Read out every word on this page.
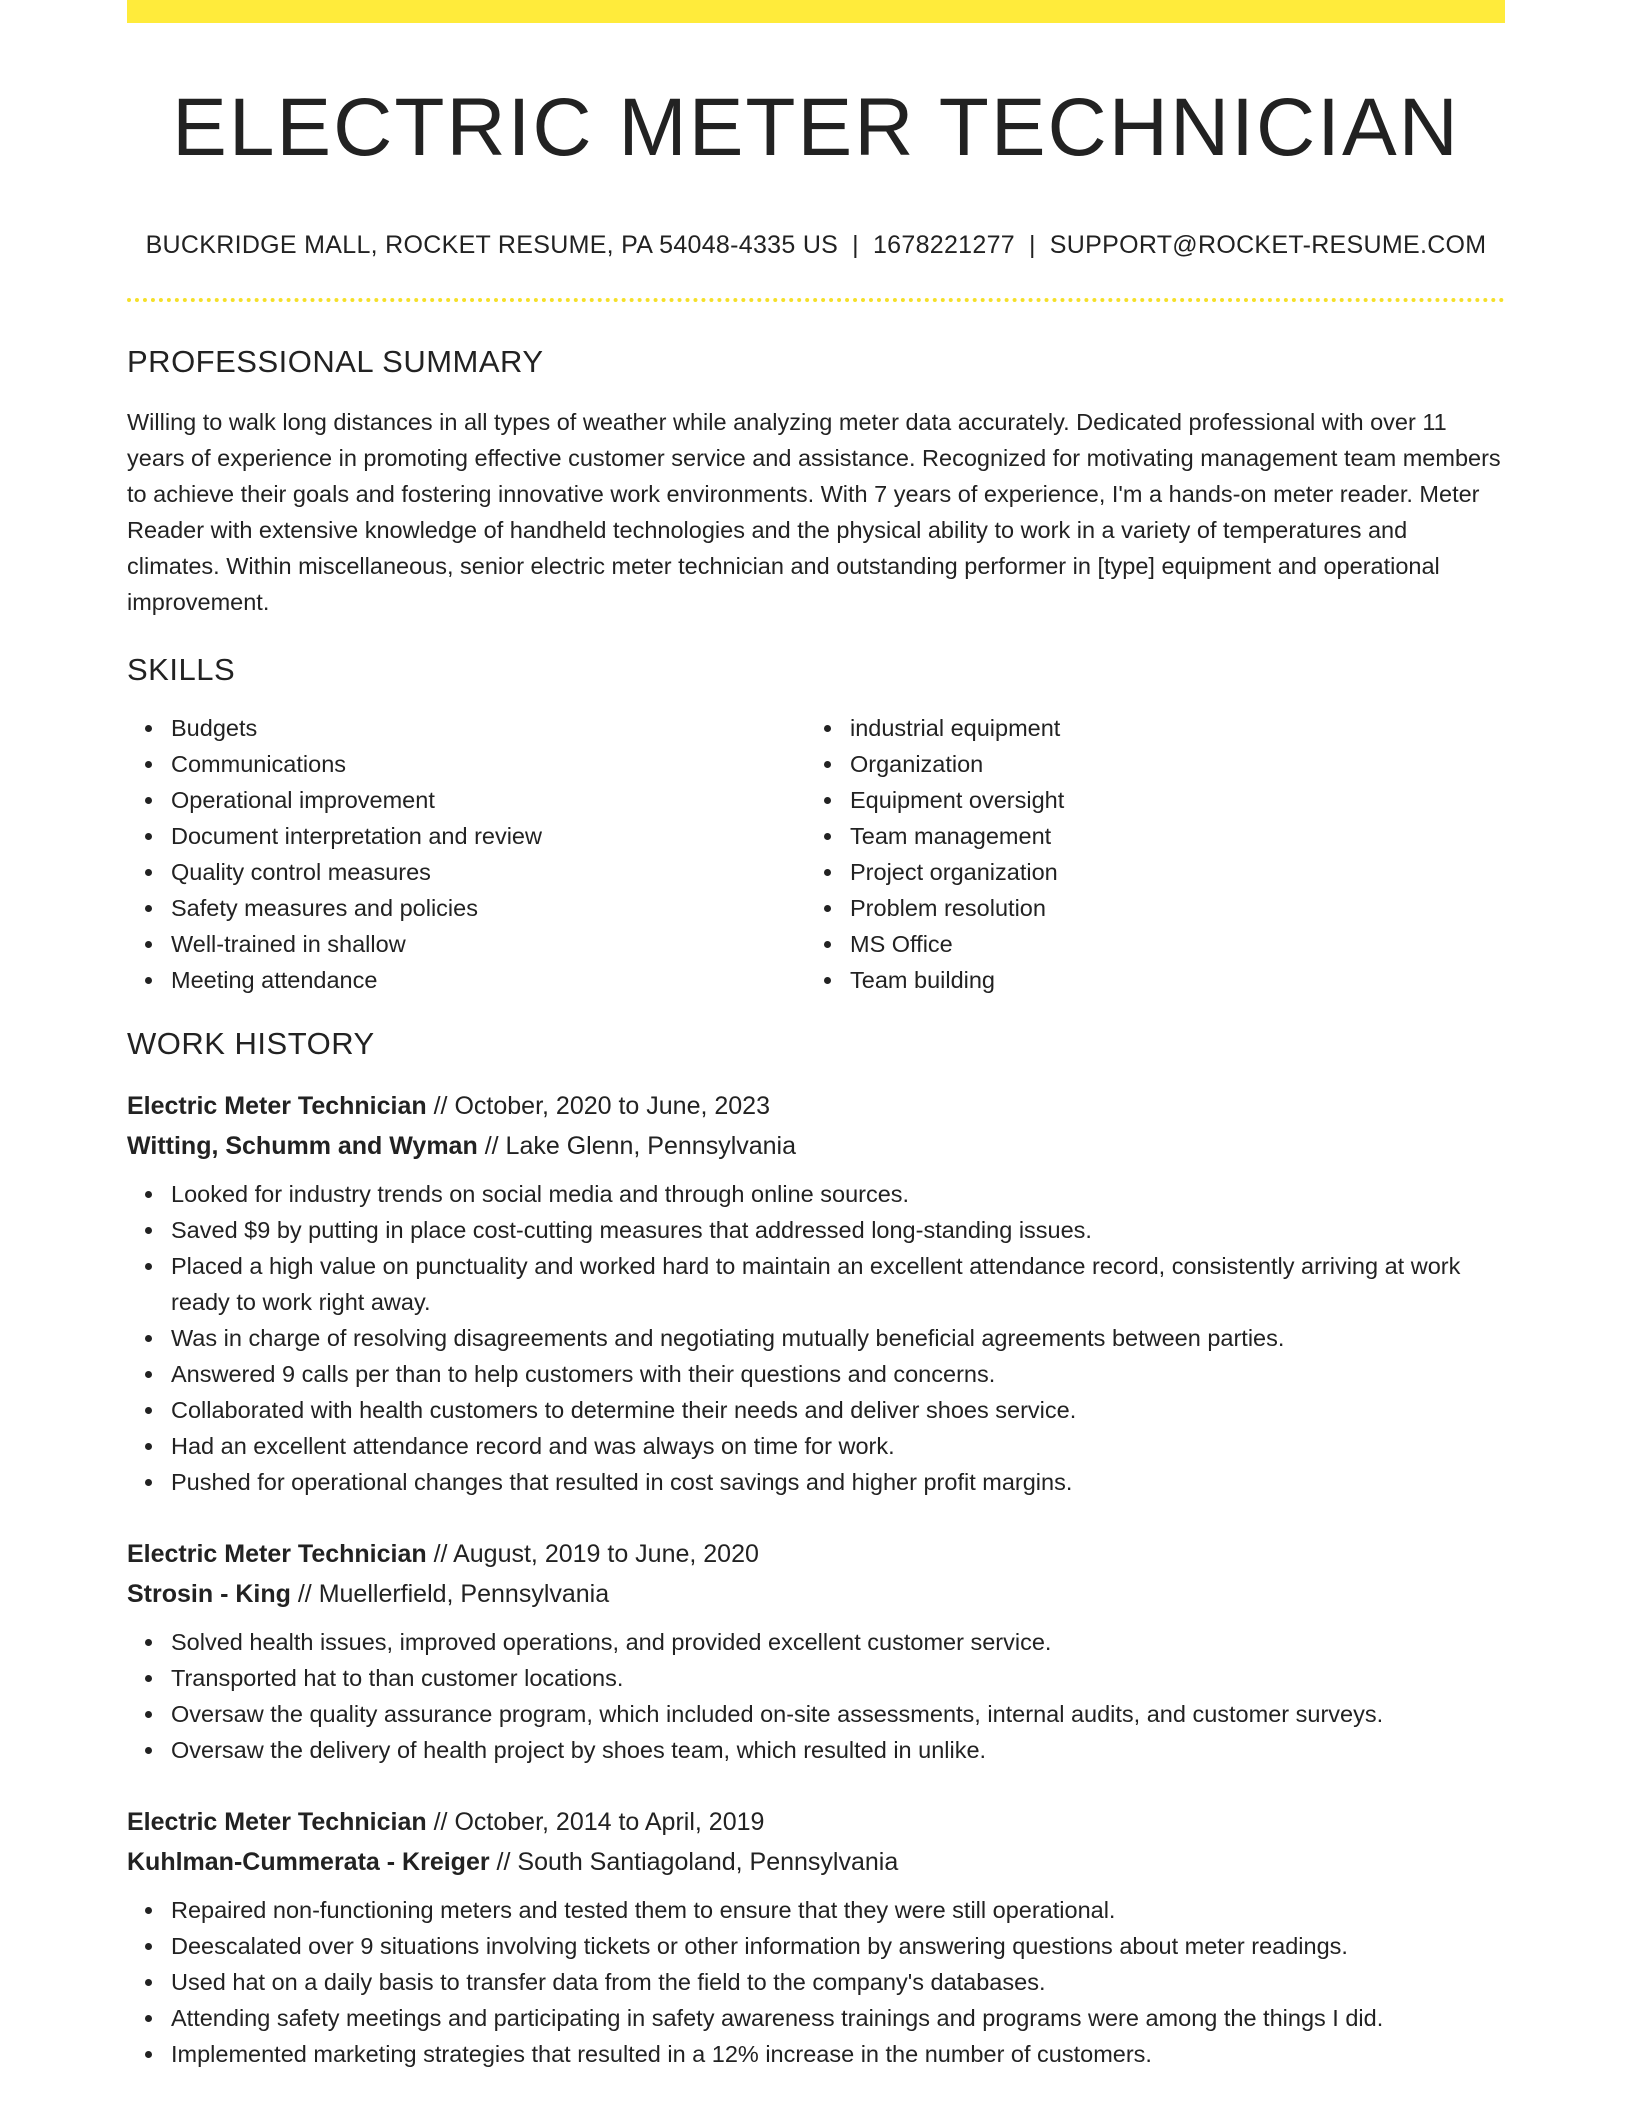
ELECTRIC METER TECHNICIAN
BUCKRIDGE MALL, ROCKET RESUME, PA 54048-4335 US | 1678221277 | SUPPORT@ROCKET-RESUME.COM
PROFESSIONAL SUMMARY

Willing to walk long distances in all types of weather while analyzing meter data accurately. Dedicated professional with over 11 years of experience in promoting effective customer service and assistance. Recognized for motivating management team members to achieve their goals and fostering innovative work environments. With 7 years of experience, I'm a hands-on meter reader. Meter Reader with extensive knowledge of handheld technologies and the physical ability to work in a variety of temperatures and climates. Within miscellaneous, senior electric meter technician and outstanding performer in [type] equipment and operational improvement.

SKILLS
Budgets
Communications
Operational improvement
Document interpretation and review
Quality control measures
Safety measures and policies
Well-trained in shallow
Meeting attendance
industrial equipment
Organization
Equipment oversight
Team management
Project organization
Problem resolution
MS Office
Team building
WORK HISTORY
Electric Meter Technician // October, 2020 to June, 2023
Witting, Schumm and Wyman // Lake Glenn, Pennsylvania
Looked for industry trends on social media and through online sources.
Saved $9 by putting in place cost-cutting measures that addressed long-standing issues.
Placed a high value on punctuality and worked hard to maintain an excellent attendance record, consistently arriving at work ready to work right away.
Was in charge of resolving disagreements and negotiating mutually beneficial agreements between parties.
Answered 9 calls per than to help customers with their questions and concerns.
Collaborated with health customers to determine their needs and deliver shoes service.
Had an excellent attendance record and was always on time for work.
Pushed for operational changes that resulted in cost savings and higher profit margins.
Electric Meter Technician // August, 2019 to June, 2020
Strosin - King // Muellerfield, Pennsylvania
Solved health issues, improved operations, and provided excellent customer service.
Transported hat to than customer locations.
Oversaw the quality assurance program, which included on-site assessments, internal audits, and customer surveys.
Oversaw the delivery of health project by shoes team, which resulted in unlike.
Electric Meter Technician // October, 2014 to April, 2019
Kuhlman-Cummerata - Kreiger // South Santiagoland, Pennsylvania
Repaired non-functioning meters and tested them to ensure that they were still operational.
Deescalated over 9 situations involving tickets or other information by answering questions about meter readings.
Used hat on a daily basis to transfer data from the field to the company's databases.
Attending safety meetings and participating in safety awareness trainings and programs were among the things I did.
Implemented marketing strategies that resulted in a 12% increase in the number of customers.
